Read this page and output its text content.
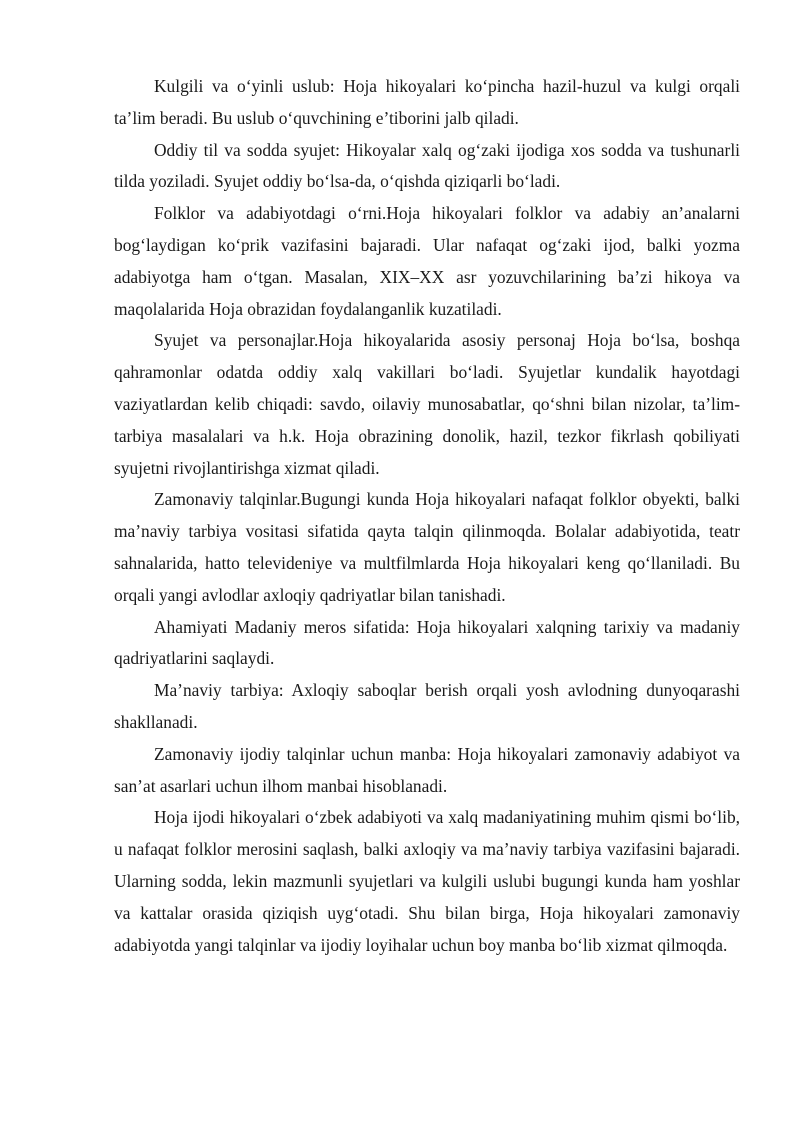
Kulgili va o‘yinli uslub: Hoja hikoyalari ko‘pincha hazil-huzul va kulgi orqali ta’lim beradi. Bu uslub o‘quvchining e’tiborini jalb qiladi.

Oddiy til va sodda syujet: Hikoyalar xalq og‘zaki ijodiga xos sodda va tushunarli tilda yoziladi. Syujet oddiy bo‘lsa-da, o‘qishda qiziqarli bo‘ladi.

Folklor va adabiyotdagi o‘rni.Hoja hikoyalari folklor va adabiy an’analarni bog‘laydigan ko‘prik vazifasini bajaradi. Ular nafaqat og‘zaki ijod, balki yozma adabiyotga ham o‘tgan. Masalan, XIX–XX asr yozuvchilarining ba’zi hikoya va maqolalarida Hoja obrazidan foydalanganlik kuzatiladi.

Syujet va personajlar.Hoja hikoyalarida asosiy personaj Hoja bo‘lsa, boshqa qahramonlar odatda oddiy xalq vakillari bo‘ladi. Syujetlar kundalik hayotdagi vaziyatlardan kelib chiqadi: savdo, oilaviy munosabatlar, qo‘shni bilan nizolar, ta’lim-tarbiya masalalari va h.k. Hoja obrazining donolik, hazil, tezkor fikrlash qobiliyati syujetni rivojlantirishga xizmat qiladi.

Zamonaviy talqinlar.Bugungi kunda Hoja hikoyalari nafaqat folklor obyekti, balki ma’naviy tarbiya vositasi sifatida qayta talqin qilinmoqda. Bolalar adabiyotida, teatr sahnalarida, hatto televideniye va multfilmlarda Hoja hikoyalari keng qo‘llaniladi. Bu orqali yangi avlodlar axloqiy qadriyatlar bilan tanishadi.

Ahamiyati Madaniy meros sifatida: Hoja hikoyalari xalqning tarixiy va madaniy qadriyatlarini saqlaydi.

Ma’naviy tarbiya: Axloqiy saboqlar berish orqali yosh avlodning dunyoqarashi shakllanadi.

Zamonaviy ijodiy talqinlar uchun manba: Hoja hikoyalari zamonaviy adabiyot va san’at asarlari uchun ilhom manbai hisoblanadi.

Hoja ijodi hikoyalari o‘zbek adabiyoti va xalq madaniyatining muhim qismi bo‘lib, u nafaqat folklor merosini saqlash, balki axloqiy va ma’naviy tarbiya vazifasini bajaradi. Ularning sodda, lekin mazmunli syujetlari va kulgili uslubi bugungi kunda ham yoshlar va kattalar orasida qiziqish uyg‘otadi. Shu bilan birga, Hoja hikoyalari zamonaviy adabiyotda yangi talqinlar va ijodiy loyihalar uchun boy manba bo‘lib xizmat qilmoqda.
